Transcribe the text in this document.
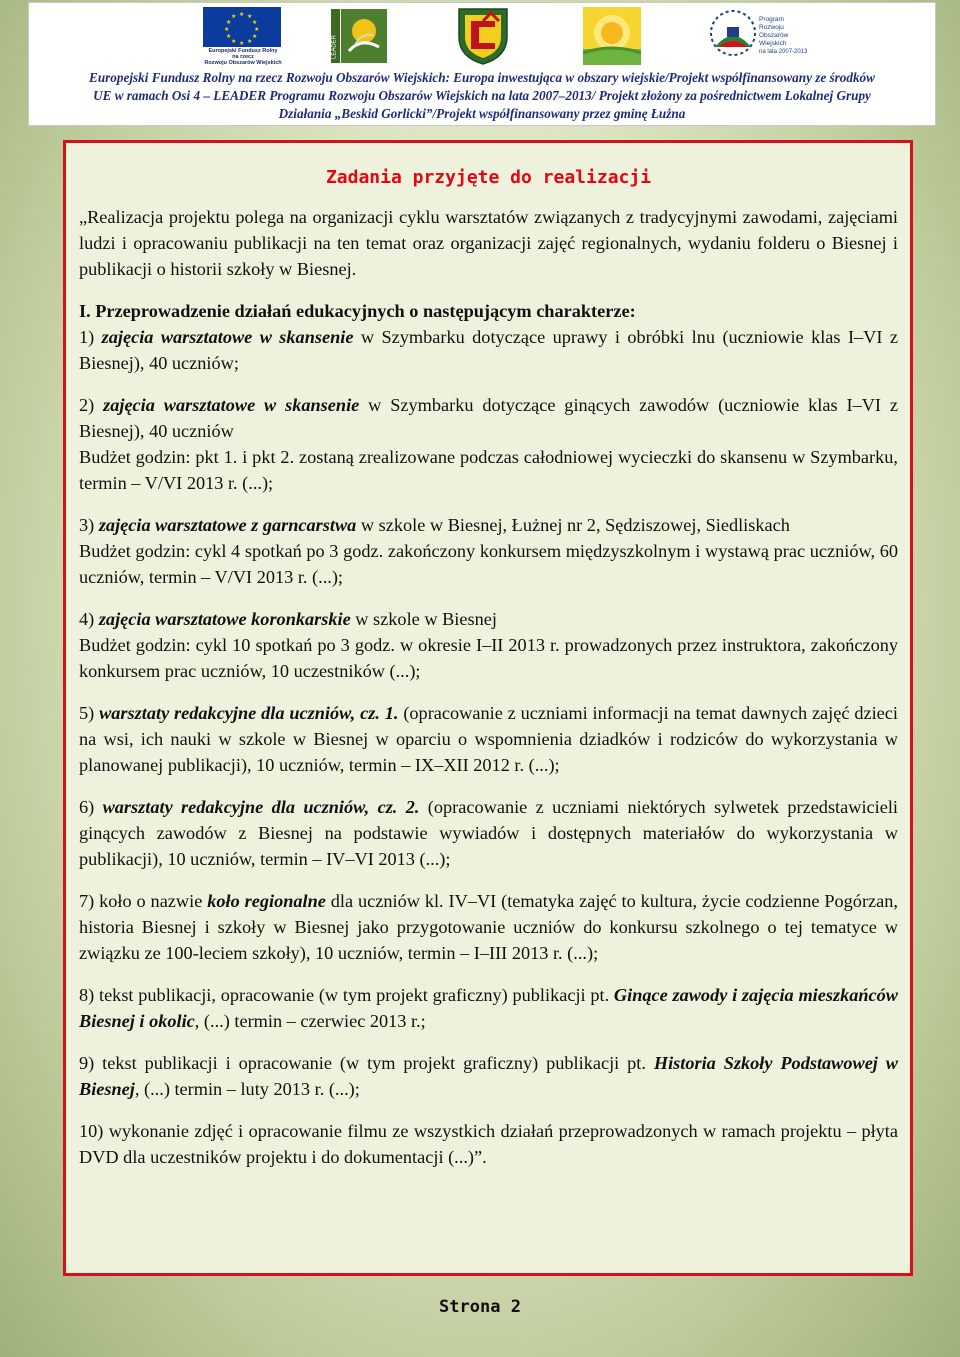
★ ★
★
★
★
★
★
★
★
★
★
★
Europejski Fundusz Rolny
na rzecz
Rozwoju Obszarów Wiejskich
LEADER
Program
Rozwoju
Obszarów
Wiejskich
na lata 2007-2013
Europejski Fundusz Rolny na rzecz Rozwoju Obszarów Wiejskich: Europa inwestująca w obszary wiejskie/Projekt współfinansowany ze środków
UE w ramach Osi 4 – LEADER Programu Rozwoju Obszarów Wiejskich na lata 2007–2013/ Projekt złożony za pośrednictwem Lokalnej Grupy
Działania „Beskid Gorlicki”/Projekt współfinansowany przez gminę Łużna
Zadania przyjęte do realizacji

„Realizacja projektu polega na organizacji cyklu warsztatów związanych z tradycyjnymi zawodami, zajęciami ludzi i opracowaniu publikacji na ten temat oraz organizacji zajęć regionalnych, wydaniu folderu o Biesnej i publikacji o historii szkoły w Biesnej.

I. Przeprowadzenie działań edukacyjnych o następującym charakterze:

1) zajęcia warsztatowe w skansenie w Szymbarku dotyczące uprawy i obróbki lnu (uczniowie klas I–VI z Biesnej), 40 uczniów;

2) zajęcia warsztatowe w skansenie w Szymbarku dotyczące ginących zawodów (uczniowie klas I–VI z Biesnej), 40 uczniów

Budżet godzin: pkt 1. i pkt 2. zostaną zrealizowane podczas całodniowej wycieczki do skansenu w Szymbarku, termin – V/VI 2013 r. (...);

3) zajęcia warsztatowe z garncarstwa w szkole w Biesnej, Łużnej nr 2, Sędziszowej, Siedliskach

Budżet godzin: cykl 4 spotkań po 3 godz. zakończony konkursem międzyszkolnym i wystawą prac uczniów, 60 uczniów, termin – V/VI 2013 r. (...);

4) zajęcia warsztatowe koronkarskie w szkole w Biesnej

Budżet godzin: cykl 10 spotkań po 3 godz. w okresie I–II 2013 r. prowadzonych przez instruktora, zakończony konkursem prac uczniów, 10 uczestników (...);

5) warsztaty redakcyjne dla uczniów, cz. 1. (opracowanie z uczniami informacji na temat dawnych zajęć dzieci na wsi, ich nauki w szkole w Biesnej w oparciu o wspomnienia dziadków i rodziców do wykorzystania w planowanej publikacji), 10 uczniów, termin – IX–XII 2012 r. (...);

6) warsztaty redakcyjne dla uczniów, cz. 2. (opracowanie z uczniami niektórych sylwetek przedstawicieli ginących zawodów z Biesnej na podstawie wywiadów i dostępnych materiałów do wykorzystania w publikacji), 10 uczniów, termin – IV–VI 2013 (...);

7) koło o nazwie koło regionalne dla uczniów kl. IV–VI (tematyka zajęć to kultura, życie codzienne Pogórzan, historia Biesnej i szkoły w Biesnej jako przygotowanie uczniów do konkursu szkolnego o tej tematyce w związku ze 100-leciem szkoły), 10 uczniów, termin – I–III 2013 r. (...);

8) tekst publikacji, opracowanie (w tym projekt graficzny) publikacji pt. Ginące zawody i zajęcia mieszkańców Biesnej i okolic, (...) termin – czerwiec 2013 r.;

9) tekst publikacji i opracowanie (w tym projekt graficzny) publikacji pt. Historia Szkoły Podstawowej w Biesnej, (...) termin – luty 2013 r. (...);

10) wykonanie zdjęć i opracowanie filmu ze wszystkich działań przeprowadzonych w ramach projektu – płyta DVD dla uczestników projektu i do dokumentacji (...)”.

Strona 2
